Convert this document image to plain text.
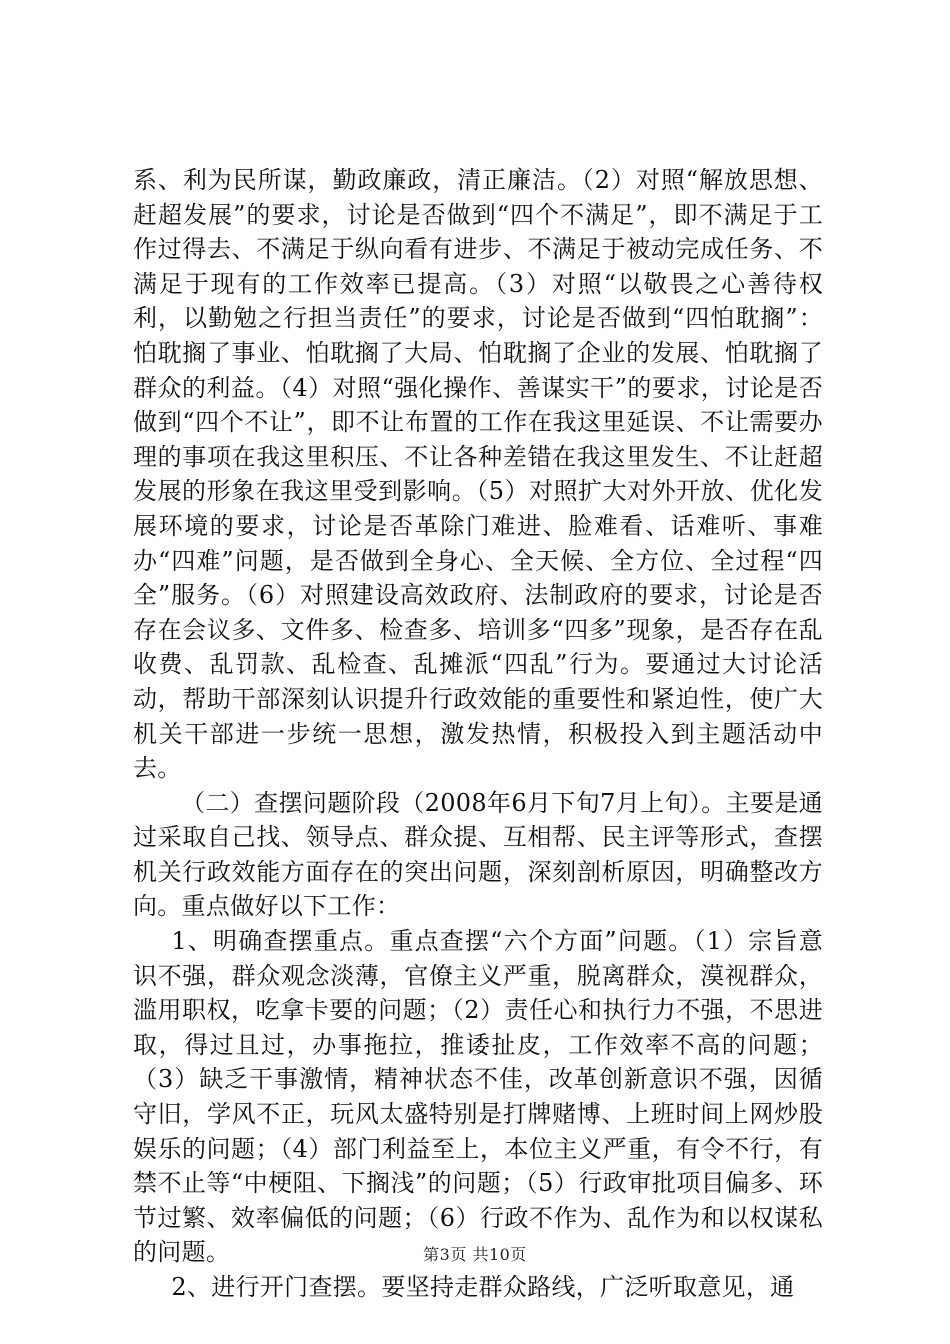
系、利为民所谋，勤政廉政，清正廉洁。（2）对照“解放思想、赶超发展”的要求，讨论是否做到“四个不满足”，即不满足于工作过得去、不满足于纵向看有进步、不满足于被动完成任务、不满足于现有的工作效率已提高。（3）对照“以敬畏之心善待权利，以勤勉之行担当责任”的要求，讨论是否做到“四怕耽搁”：怕耽搁了事业、怕耽搁了大局、怕耽搁了企业的发展、怕耽搁了群众的利益。（4）对照“强化操作、善谋实干”的要求，讨论是否做到“四个不让”，即不让布置的工作在我这里延误、不让需要办理的事项在我这里积压、不让各种差错在我这里发生、不让赶超发展的形象在我这里受到影响。（5）对照扩大对外开放、优化发展环境的要求，讨论是否革除门难进、脸难看、话难听、事难办“四难”问题，是否做到全身心、全天候、全方位、全过程“四全”服务。（6）对照建设高效政府、法制政府的要求，讨论是否存在会议多、文件多、检查多、培训多“四多”现象，是否存在乱收费、乱罚款、乱检查、乱摊派“四乱”行为。要通过大讨论活动，帮助干部深刻认识提升行政效能的重要性和紧迫性，使广大机关干部进一步统一思想，激发热情，积极投入到主题活动中去。

（二）查摆问题阶段（2008年6月下旬7月上旬）。主要是通过采取自己找、领导点、群众提、互相帮、民主评等形式，查摆机关行政效能方面存在的突出问题，深刻剖析原因，明确整改方向。重点做好以下工作：

1、明确查摆重点。重点查摆“六个方面”问题。（1）宗旨意识不强，群众观念淡薄，官僚主义严重，脱离群众，漠视群众，滥用职权，吃拿卡要的问题；（2）责任心和执行力不强，不思进取，得过且过，办事拖拉，推诿扯皮，工作效率不高的问题；（3）缺乏干事激情，精神状态不佳，改革创新意识不强，因循守旧，学风不正，玩风太盛特别是打牌赌博、上班时间上网炒股娱乐的问题；（4）部门利益至上，本位主义严重，有令不行，有禁不止等“中梗阻、下搁浅”的问题；（5）行政审批项目偏多、环节过繁、效率偏低的问题；（6）行政不作为、乱作为和以权谋私的问题。

2、进行开门查摆。要坚持走群众路线，广泛听取意见，通

第3页 共10页
